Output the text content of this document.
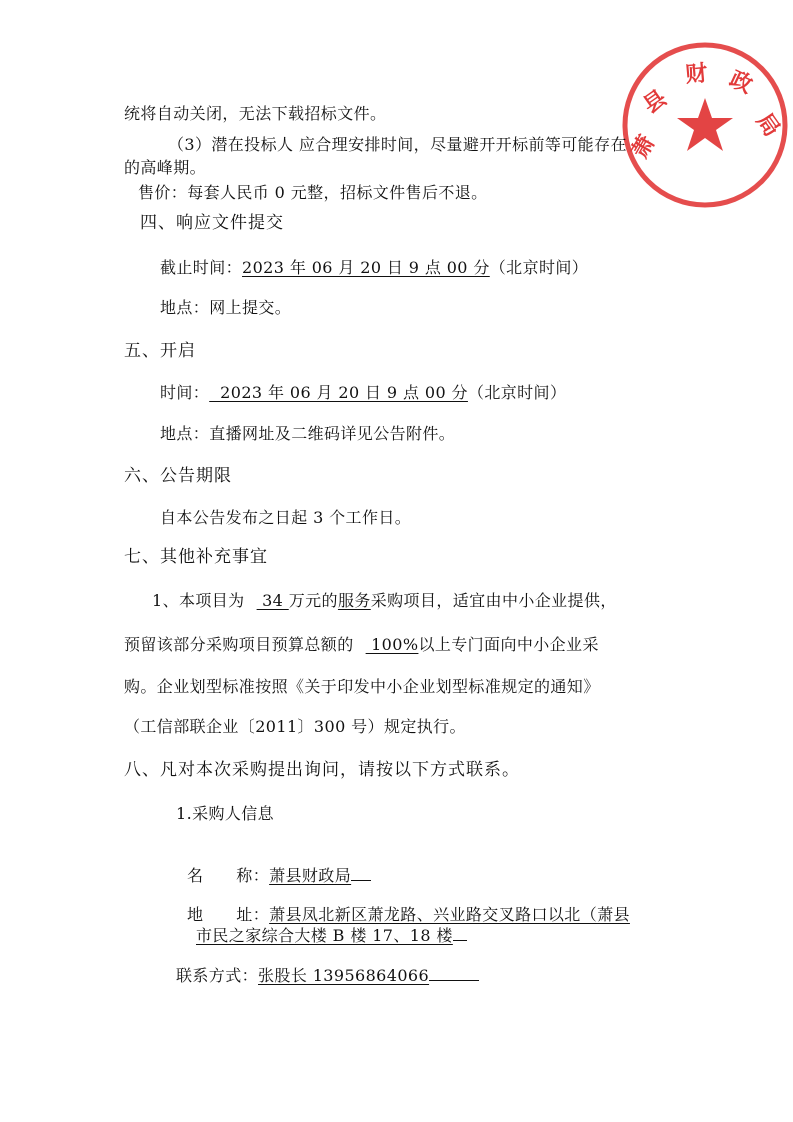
萧
县
财 政
局
统将自动关闭，无法下载招标文件。
（3）潜在投标人 应合理安排时间，尽量避开开标前等可能存在
的高峰期。
售价：每套人民币 0 元整，招标文件售后不退。
四、响应文件提交
截止时间：2023 年 06 月 20 日 9 点 00 分（北京时间）
地点：网上提交。
五、开启
时间：  2023 年 06 月 20 日 9 点 00 分（北京时间）
地点：直播网址及二维码详见公告附件。
六、公告期限
自本公告发布之日起 3 个工作日。
七、其他补充事宜
1、本项目为 34 万元的服务采购项目，适宜由中小企业提供，
预留该部分采购项目预算总额的 100%以上专门面向中小企业采
购。企业划型标准按照《关于印发中小企业划型标准规定的通知》
（工信部联企业〔2011〕300 号）规定执行。
八、凡对本次采购提出询问，请按以下方式联系。
1.采购人信息

名      称：萧县财政局

地      址：萧县凤北新区萧龙路、兴业路交叉路口以北（萧县

市民之家综合大楼 B 楼 17、18 楼
联系方式：张股长 13956864066
